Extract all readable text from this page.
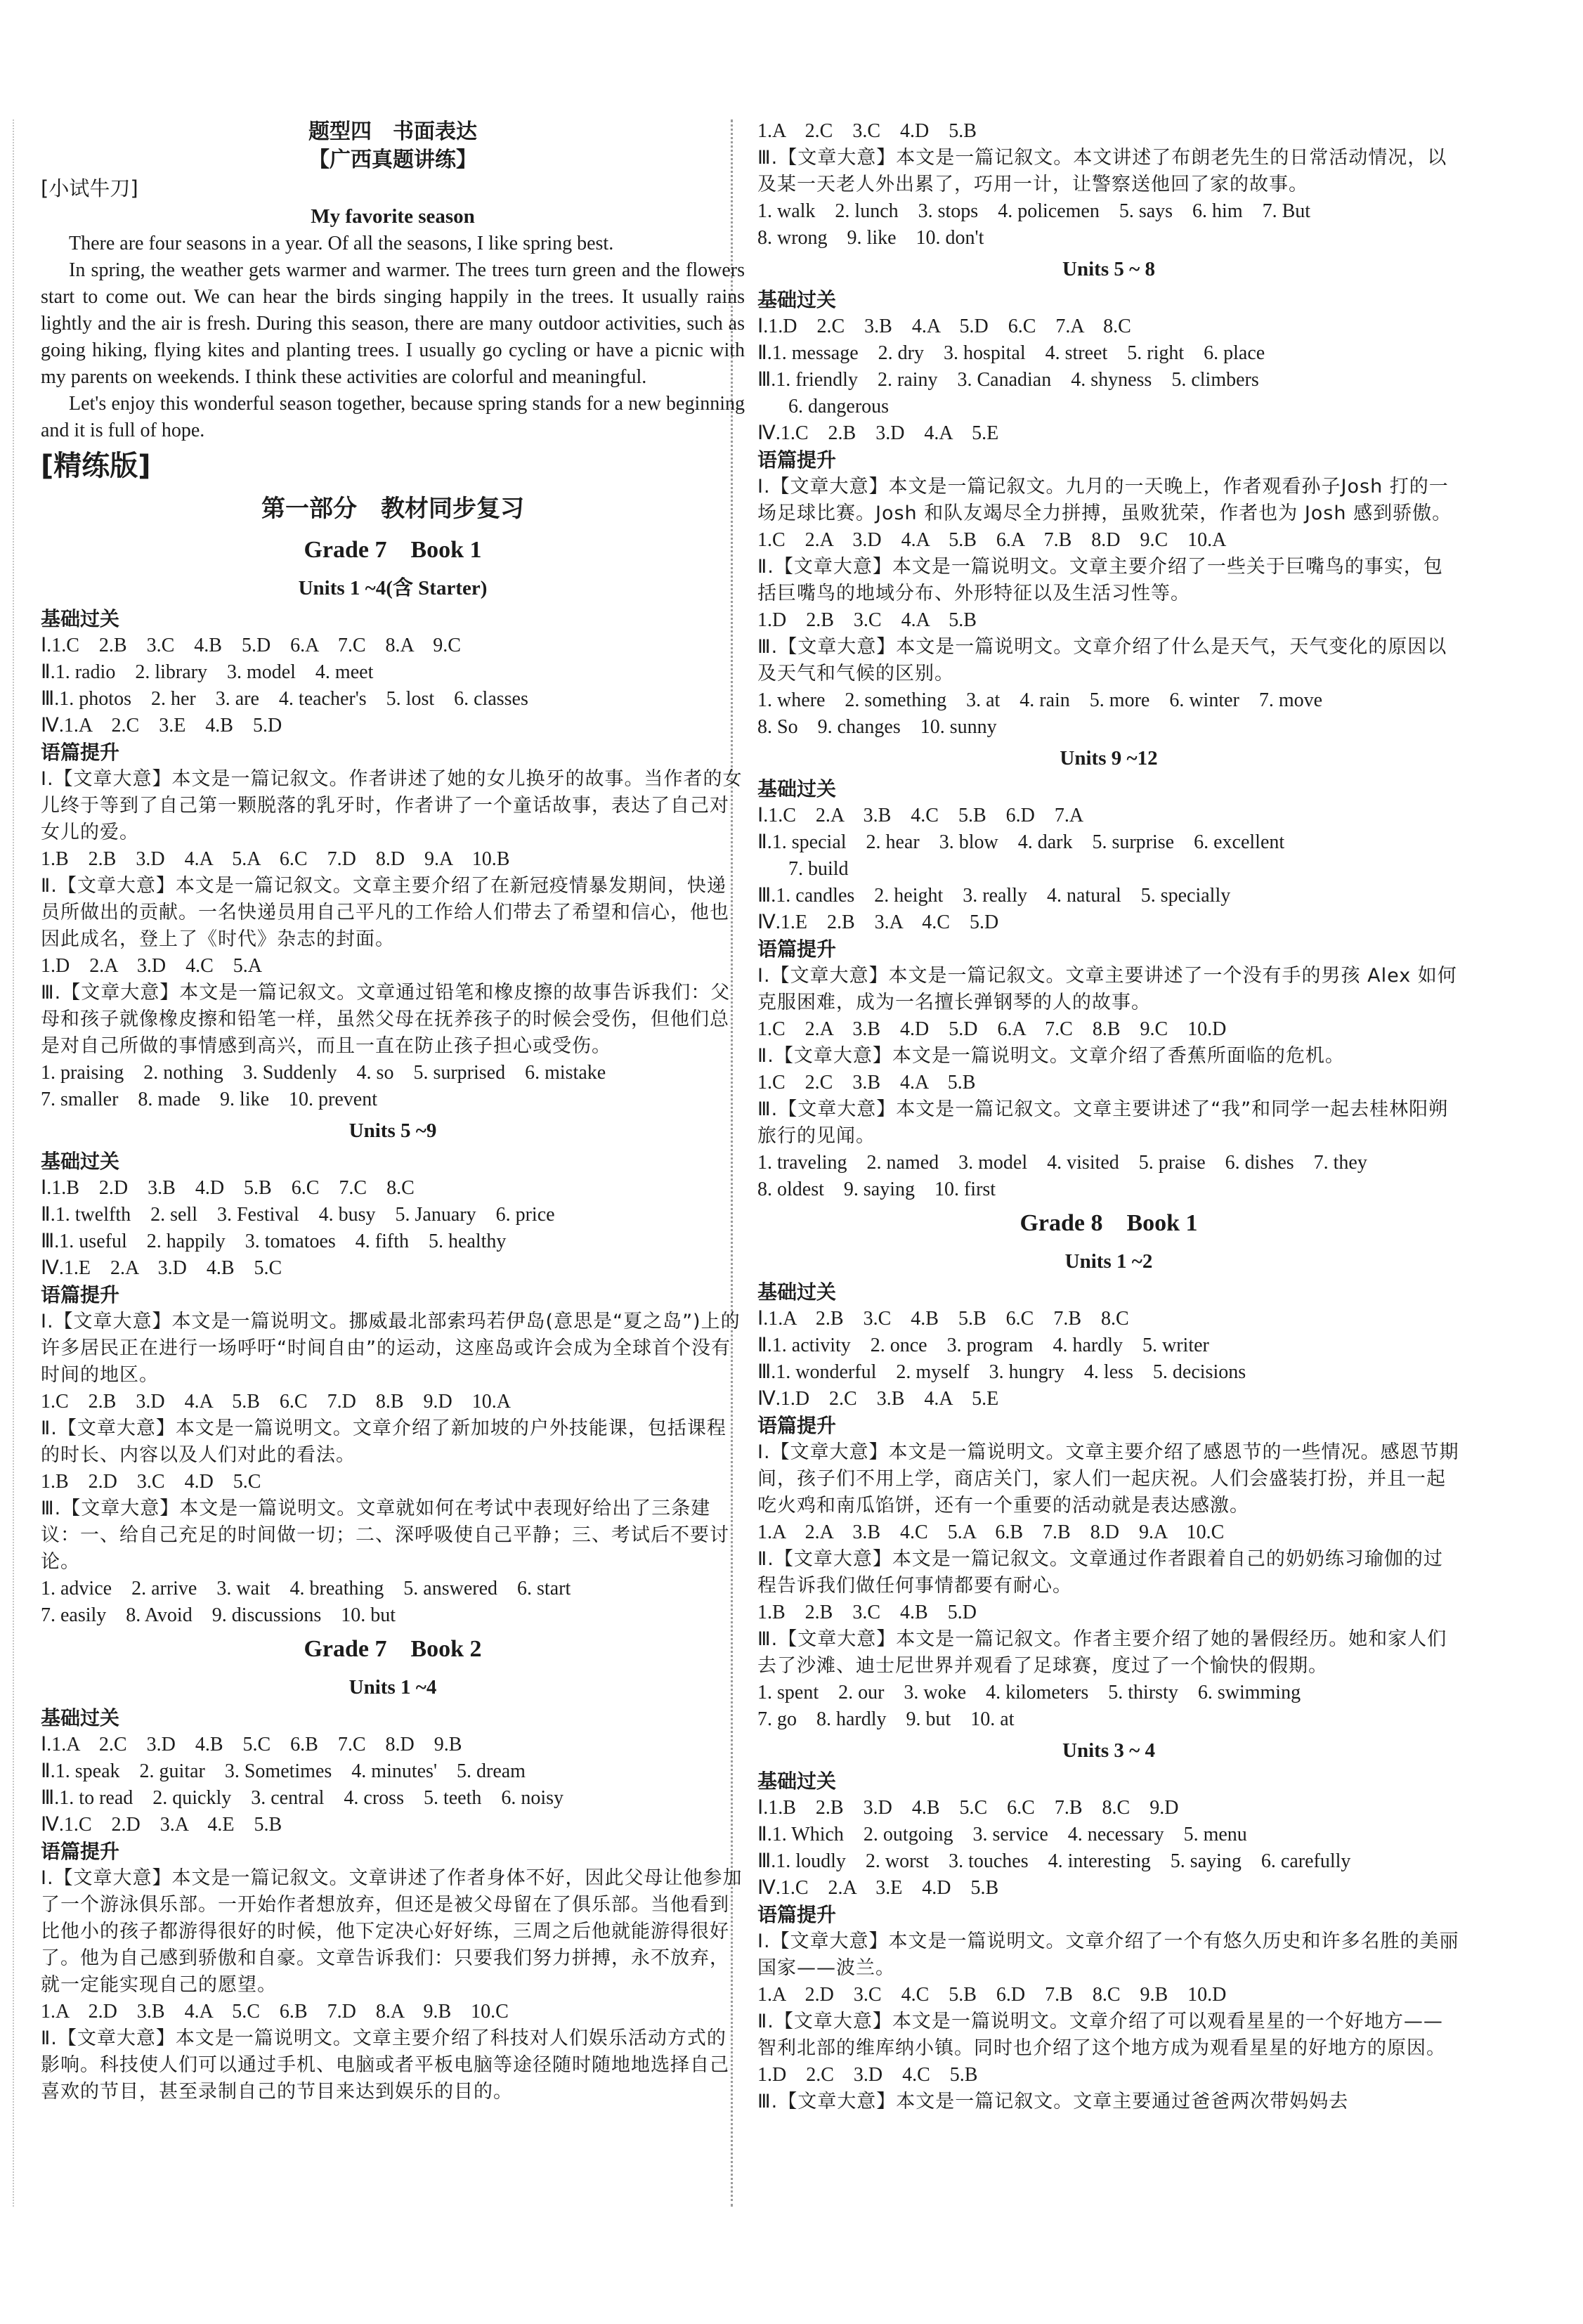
题型四　书面表达
【广西真题讲练】
[小试牛刀]
My favorite season

There are four seasons in a year. Of all the seasons, I like spring best.

In spring, the weather gets warmer and warmer. The trees turn green and the flowers start to come out. We can hear the birds singing happily in the trees. It usually rains lightly and the air is fresh. During this season, there are many outdoor activities, such as going hiking, flying kites and planting trees. I usually go cycling or have a picnic with my parents on weekends. I think these activities are colorful and meaningful.

Let's enjoy this wonderful season together, because spring stands for a new beginning and it is full of hope.

[精练版]
第一部分　教材同步复习
Grade 7　Book 1
Units 1 ~4(含 Starter)
基础过关

Ⅰ.1.C　2.B　3.C　4.B　5.D　6.A　7.C　8.A　9.C

Ⅱ.1. radio　2. library　3. model　4. meet

Ⅲ.1. photos　2. her　3. are　4. teacher's　5. lost　6. classes

Ⅳ.1.A　2.C　3.E　4.B　5.D

语篇提升

Ⅰ.【文章大意】本文是一篇记叙文。作者讲述了她的女儿换牙的故事。当作者的女儿终于等到了自己第一颗脱落的乳牙时，作者讲了一个童话故事，表达了自己对女儿的爱。

1.B　2.B　3.D　4.A　5.A　6.C　7.D　8.D　9.A　10.B

Ⅱ.【文章大意】本文是一篇记叙文。文章主要介绍了在新冠疫情暴发期间，快递员所做出的贡献。一名快递员用自己平凡的工作给人们带去了希望和信心，他也因此成名，登上了《时代》杂志的封面。

1.D　2.A　3.D　4.C　5.A

Ⅲ.【文章大意】本文是一篇记叙文。文章通过铅笔和橡皮擦的故事告诉我们：父母和孩子就像橡皮擦和铅笔一样，虽然父母在抚养孩子的时候会受伤，但他们总是对自己所做的事情感到高兴，而且一直在防止孩子担心或受伤。

1. praising　2. nothing　3. Suddenly　4. so　5. surprised　6. mistake

7. smaller　8. made　9. like　10. prevent

Units 5 ~9
基础过关

Ⅰ.1.B　2.D　3.B　4.D　5.B　6.C　7.C　8.C

Ⅱ.1. twelfth　2. sell　3. Festival　4. busy　5. January　6. price

Ⅲ.1. useful　2. happily　3. tomatoes　4. fifth　5. healthy

Ⅳ.1.E　2.A　3.D　4.B　5.C

语篇提升

Ⅰ.【文章大意】本文是一篇说明文。挪威最北部索玛若伊岛(意思是“夏之岛”)上的许多居民正在进行一场呼吁“时间自由”的运动，这座岛或许会成为全球首个没有时间的地区。

1.C　2.B　3.D　4.A　5.B　6.C　7.D　8.B　9.D　10.A

Ⅱ.【文章大意】本文是一篇说明文。文章介绍了新加坡的户外技能课，包括课程的时长、内容以及人们对此的看法。

1.B　2.D　3.C　4.D　5.C

Ⅲ.【文章大意】本文是一篇说明文。文章就如何在考试中表现好给出了三条建议：一、给自己充足的时间做一切；二、深呼吸使自己平静；三、考试后不要讨论。

1. advice　2. arrive　3. wait　4. breathing　5. answered　6. start

7. easily　8. Avoid　9. discussions　10. but

Grade 7　Book 2
Units 1 ~4
基础过关

Ⅰ.1.A　2.C　3.D　4.B　5.C　6.B　7.C　8.D　9.B

Ⅱ.1. speak　2. guitar　3. Sometimes　4. minutes'　5. dream

Ⅲ.1. to read　2. quickly　3. central　4. cross　5. teeth　6. noisy

Ⅳ.1.C　2.D　3.A　4.E　5.B

语篇提升

Ⅰ.【文章大意】本文是一篇记叙文。文章讲述了作者身体不好，因此父母让他参加了一个游泳俱乐部。一开始作者想放弃，但还是被父母留在了俱乐部。当他看到比他小的孩子都游得很好的时候，他下定决心好好练，三周之后他就能游得很好了。他为自己感到骄傲和自豪。文章告诉我们：只要我们努力拼搏，永不放弃，就一定能实现自己的愿望。

1.A　2.D　3.B　4.A　5.C　6.B　7.D　8.A　9.B　10.C

Ⅱ.【文章大意】本文是一篇说明文。文章主要介绍了科技对人们娱乐活动方式的影响。科技使人们可以通过手机、电脑或者平板电脑等途径随时随地地选择自己喜欢的节目，甚至录制自己的节目来达到娱乐的目的。

1.A　2.C　3.C　4.D　5.B

Ⅲ.【文章大意】本文是一篇记叙文。本文讲述了布朗老先生的日常活动情况，以及某一天老人外出累了，巧用一计，让警察送他回了家的故事。

1. walk　2. lunch　3. stops　4. policemen　5. says　6. him　7. But

8. wrong　9. like　10. don't

Units 5 ~ 8
基础过关

Ⅰ.1.D　2.C　3.B　4.A　5.D　6.C　7.A　8.C

Ⅱ.1. message　2. dry　3. hospital　4. street　5. right　6. place

Ⅲ.1. friendly　2. rainy　3. Canadian　4. shyness　5. climbers

6. dangerous

Ⅳ.1.C　2.B　3.D　4.A　5.E

语篇提升

Ⅰ.【文章大意】本文是一篇记叙文。九月的一天晚上，作者观看孙子Josh 打的一场足球比赛。Josh 和队友竭尽全力拼搏，虽败犹荣，作者也为 Josh 感到骄傲。

1.C　2.A　3.D　4.A　5.B　6.A　7.B　8.D　9.C　10.A

Ⅱ.【文章大意】本文是一篇说明文。文章主要介绍了一些关于巨嘴鸟的事实，包括巨嘴鸟的地域分布、外形特征以及生活习性等。

1.D　2.B　3.C　4.A　5.B

Ⅲ.【文章大意】本文是一篇说明文。文章介绍了什么是天气，天气变化的原因以及天气和气候的区别。

1. where　2. something　3. at　4. rain　5. more　6. winter　7. move

8. So　9. changes　10. sunny

Units 9 ~12
基础过关

Ⅰ.1.C　2.A　3.B　4.C　5.B　6.D　7.A

Ⅱ.1. special　2. hear　3. blow　4. dark　5. surprise　6. excellent

7. build

Ⅲ.1. candles　2. height　3. really　4. natural　5. specially

Ⅳ.1.E　2.B　3.A　4.C　5.D

语篇提升

Ⅰ.【文章大意】本文是一篇记叙文。文章主要讲述了一个没有手的男孩 Alex 如何克服困难，成为一名擅长弹钢琴的人的故事。

1.C　2.A　3.B　4.D　5.D　6.A　7.C　8.B　9.C　10.D

Ⅱ.【文章大意】本文是一篇说明文。文章介绍了香蕉所面临的危机。

1.C　2.C　3.B　4.A　5.B

Ⅲ.【文章大意】本文是一篇记叙文。文章主要讲述了“我”和同学一起去桂林阳朔旅行的见闻。

1. traveling　2. named　3. model　4. visited　5. praise　6. dishes　7. they

8. oldest　9. saying　10. first

Grade 8　Book 1
Units 1 ~2
基础过关

Ⅰ.1.A　2.B　3.C　4.B　5.B　6.C　7.B　8.C

Ⅱ.1. activity　2. once　3. program　4. hardly　5. writer

Ⅲ.1. wonderful　2. myself　3. hungry　4. less　5. decisions

Ⅳ.1.D　2.C　3.B　4.A　5.E

语篇提升

Ⅰ.【文章大意】本文是一篇说明文。文章主要介绍了感恩节的一些情况。感恩节期间，孩子们不用上学，商店关门，家人们一起庆祝。人们会盛装打扮，并且一起吃火鸡和南瓜馅饼，还有一个重要的活动就是表达感激。

1.A　2.A　3.B　4.C　5.A　6.B　7.B　8.D　9.A　10.C

Ⅱ.【文章大意】本文是一篇记叙文。文章通过作者跟着自己的奶奶练习瑜伽的过程告诉我们做任何事情都要有耐心。

1.B　2.B　3.C　4.B　5.D

Ⅲ.【文章大意】本文是一篇记叙文。作者主要介绍了她的暑假经历。她和家人们去了沙滩、迪士尼世界并观看了足球赛，度过了一个愉快的假期。

1. spent　2. our　3. woke　4. kilometers　5. thirsty　6. swimming

7. go　8. hardly　9. but　10. at

Units 3 ~ 4
基础过关

Ⅰ.1.B　2.B　3.D　4.B　5.C　6.C　7.B　8.C　9.D

Ⅱ.1. Which　2. outgoing　3. service　4. necessary　5. menu

Ⅲ.1. loudly　2. worst　3. touches　4. interesting　5. saying　6. carefully

Ⅳ.1.C　2.A　3.E　4.D　5.B

语篇提升

Ⅰ.【文章大意】本文是一篇说明文。文章介绍了一个有悠久历史和许多名胜的美丽国家——波兰。

1.A　2.D　3.C　4.C　5.B　6.D　7.B　8.C　9.B　10.D

Ⅱ.【文章大意】本文是一篇说明文。文章介绍了可以观看星星的一个好地方——智利北部的维库纳小镇。同时也介绍了这个地方成为观看星星的好地方的原因。

1.D　2.C　3.D　4.C　5.B

Ⅲ.【文章大意】本文是一篇记叙文。文章主要通过爸爸两次带妈妈去
